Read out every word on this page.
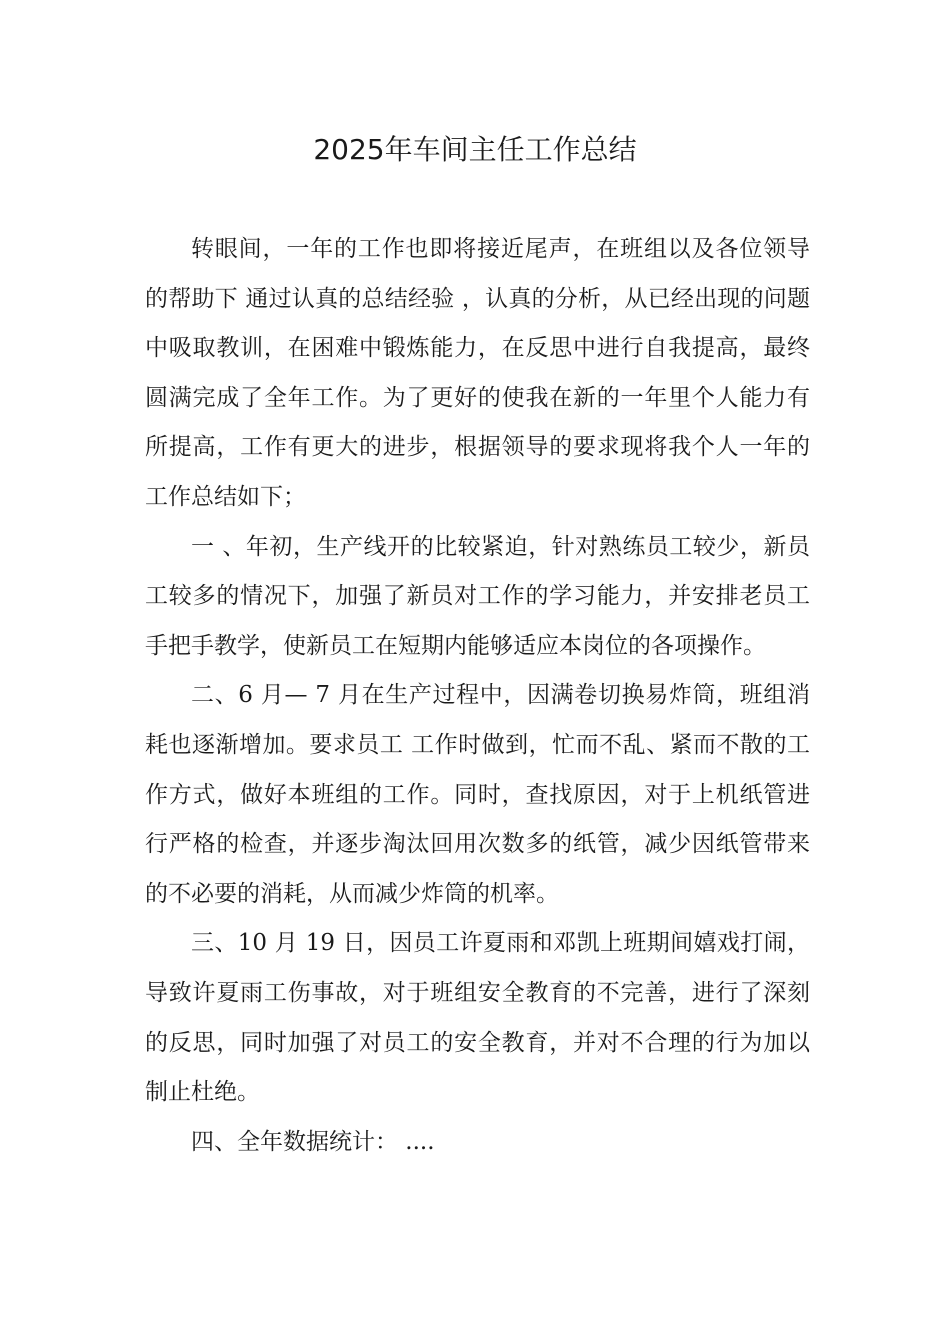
2025年车间主任工作总结

转眼间，一年的工作也即将接近尾声，在班组以及各位领导的帮助下 通过认真的总结经验 ，认真的分析，从已经出现的问题中吸取教训，在困难中锻炼能力，在反思中进行自我提高，最终圆满完成了全年工作。为了更好的使我在新的一年里个人能力有所提高，工作有更大的进步，根据领导的要求现将我个人一年的工作总结如下；

一 、年初，生产线开的比较紧迫，针对熟练员工较少，新员工较多的情况下，加强了新员对工作的学习能力，并安排老员工手把手教学，使新员工在短期内能够适应本岗位的各项操作。

二、6 月— 7 月在生产过程中，因满卷切换易炸筒，班组消耗也逐渐增加。要求员工 工作时做到，忙而不乱、紧而不散的工作方式，做好本班组的工作。同时，查找原因，对于上机纸管进行严格的检查，并逐步淘汰回用次数多的纸管，减少因纸管带来的不必要的消耗，从而减少炸筒的机率。

三、10 月 19 日，因员工许夏雨和邓凯上班期间嬉戏打闹，导致许夏雨工伤事故，对于班组安全教育的不完善，进行了深刻的反思，同时加强了对员工的安全教育，并对不合理的行为加以制止杜绝。

四、全年数据统计： ....
